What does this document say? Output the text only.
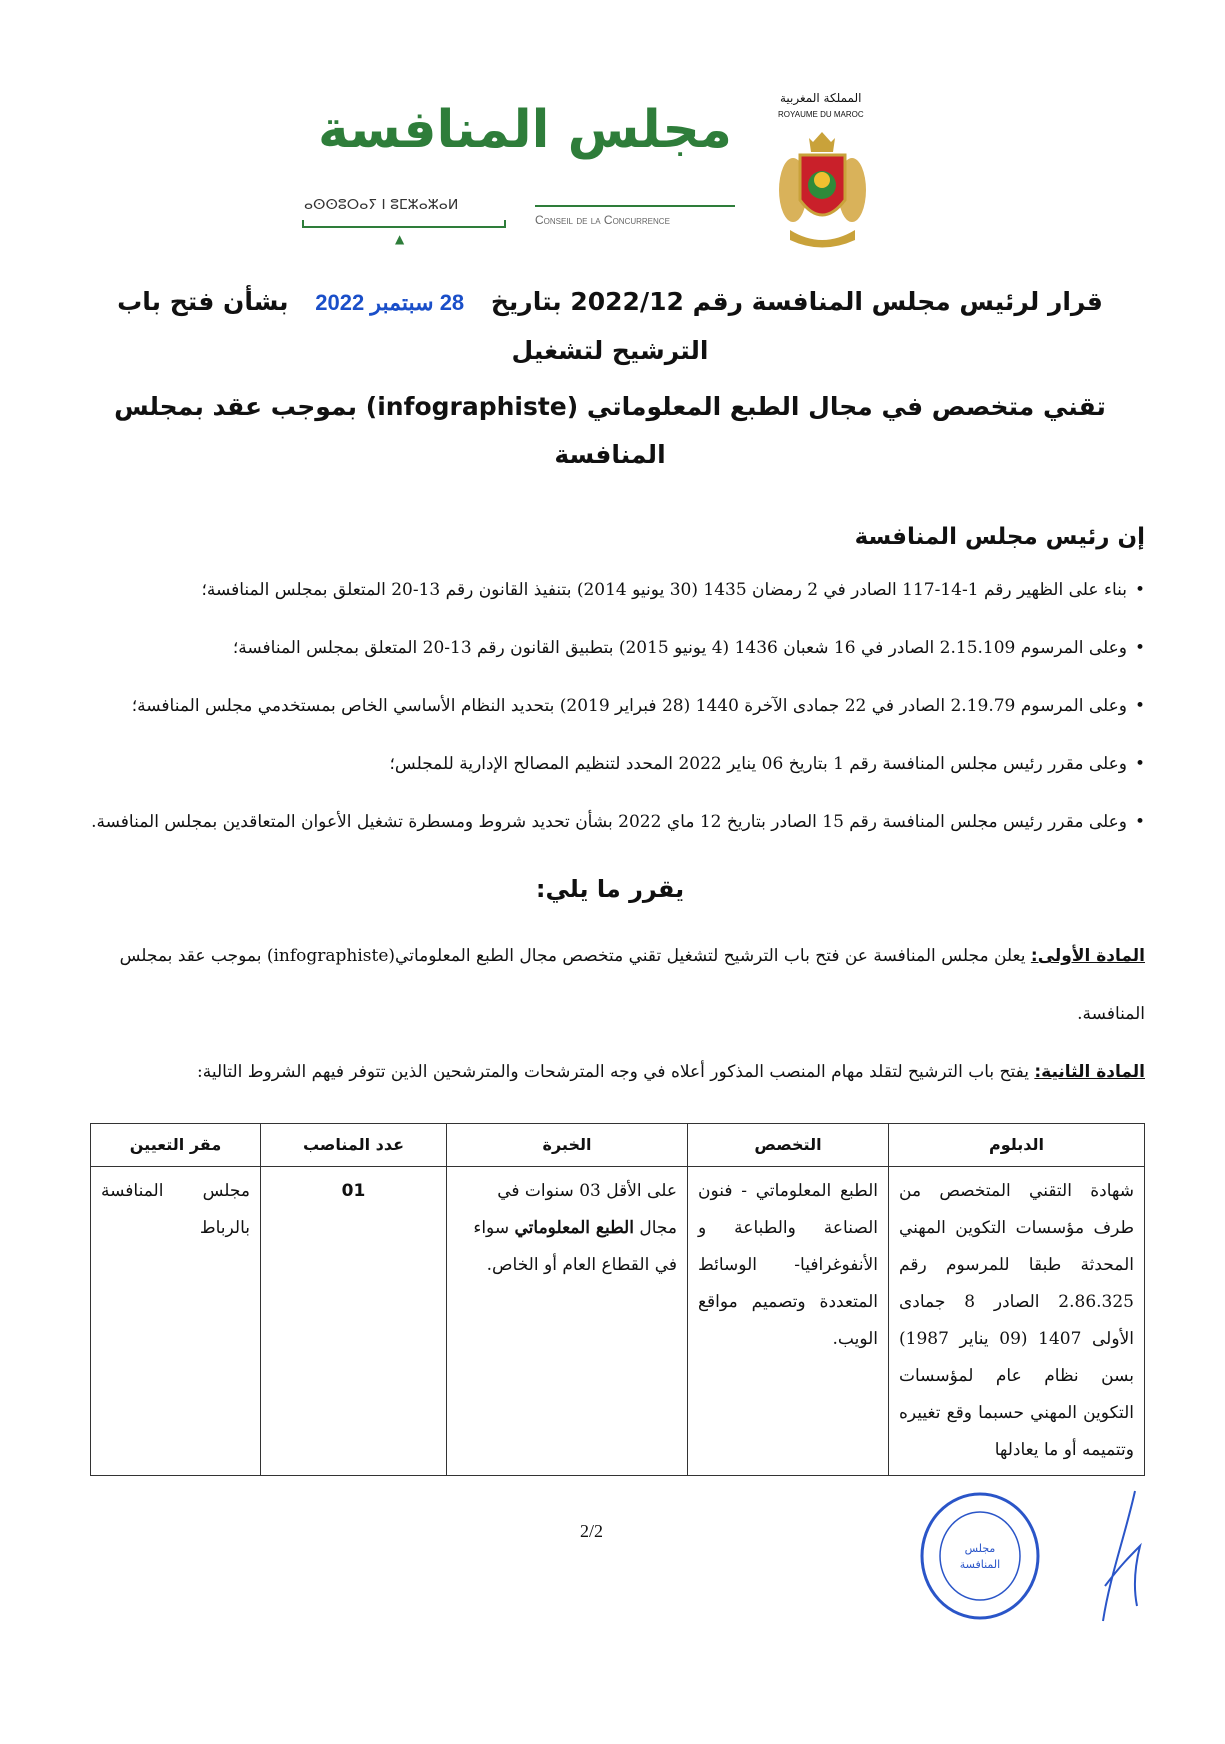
مجلس المنافسة
المملكة المغربية
ROYAUME DU MAROC
ⴰⵙⵙⵓⵔⴰⵢ ⵏ ⵓⵎⵣⴰⵣⴰⵍ
Conseil de la Concurrence
▲
قرار لرئيس مجلس المنافسة رقم 2022/12 بتاريخ 28 سبتمبر 2022 بشأن فتح باب الترشيح لتشغيل
تقني متخصص في مجال الطبع المعلوماتي (infographiste) بموجب عقد بمجلس المنافسة
إن رئيس مجلس المنافسة
• بناء على الظهير رقم 1-14-117 الصادر في 2 رمضان 1435 (30 يونيو 2014) بتنفيذ القانون رقم 13-20 المتعلق بمجلس المنافسة؛
• وعلى المرسوم 2.15.109 الصادر في 16 شعبان 1436 (4 يونيو 2015) بتطبيق القانون رقم 13-20 المتعلق بمجلس المنافسة؛
• وعلى المرسوم 2.19.79 الصادر في 22 جمادى الآخرة 1440 (28 فبراير 2019) بتحديد النظام الأساسي الخاص بمستخدمي مجلس المنافسة؛
• وعلى مقرر رئيس مجلس المنافسة رقم 1 بتاريخ 06 يناير 2022 المحدد لتنظيم المصالح الإدارية للمجلس؛
• وعلى مقرر رئيس مجلس المنافسة رقم 15 الصادر بتاريخ 12 ماي 2022 بشأن تحديد شروط ومسطرة تشغيل الأعوان المتعاقدين بمجلس المنافسة.
يقرر ما يلي:
المادة الأولى: يعلن مجلس المنافسة عن فتح باب الترشيح لتشغيل تقني متخصص مجال الطبع المعلوماتي(infographiste) بموجب عقد بمجلس المنافسة.
المادة الثانية: يفتح باب الترشيح لتقلد مهام المنصب المذكور أعلاه في وجه المترشحات والمترشحين الذين تتوفر فيهم الشروط التالية:
الدبلوم	التخصص	الخبرة	عدد المناصب	مقر التعيين
شهادة التقني المتخصص من طرف مؤسسات التكوين المهني المحدثة طبقا للمرسوم رقم 2.86.325 الصادر 8 جمادى الأولى 1407 (09 يناير 1987) بسن نظام عام لمؤسسات التكوين المهني حسبما وقع تغييره وتتميمه أو ما يعادلها	الطبع المعلوماتي - فنون الصناعة والطباعة و الأنفوغرافيا- الوسائط المتعددة وتصميم مواقع الويب.	على الأقل 03 سنوات في مجال الطبع المعلوماتي سواء في القطاع العام أو الخاص.	01	مجلس المنافسة بالرباط
2/2
مجلس
المنافسة
